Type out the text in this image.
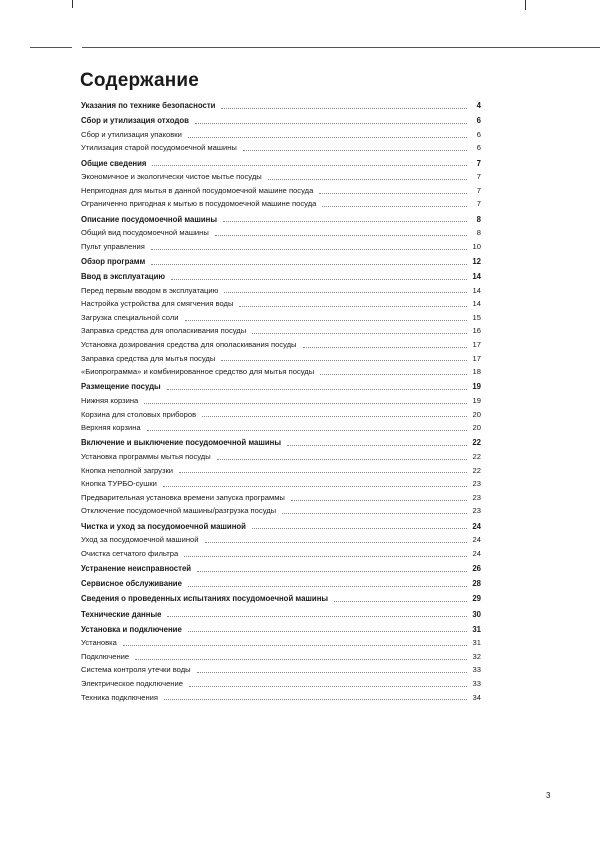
Содержание
Указания по технике безопасности	4
Сбор и утилизация отходов	6
Сбор и утилизация упаковки	6
Утилизация старой посудомоечной машины	6
Общие сведения	7
Экономичное и экологически чистое мытье посуды	7
Непригодная для мытья в данной посудомоечной машине посуда	7
Ограниченно пригодная к мытью в посудомоечной машине посуда	7
Описание посудомоечной машины	8
Общий вид посудомоечной машины	8
Пульт управления	10
Обзор программ	12
Ввод в эксплуатацию	14
Перед первым вводом в эксплуатацию	14
Настройка устройства для смягчения воды	14
Загрузка специальной соли	15
Заправка средства для ополаскивания посуды	16
Установка дозирования средства для ополаскивания посуды	17
Заправка средства для мытья посуды	17
«Биопрограмма» и комбинированное средство для мытья посуды	18
Размещение посуды	19
Нижняя корзина	19
Корзина для столовых приборов	20
Верхняя корзина	20
Включение и выключение посудомоечной машины	22
Установка программы мытья посуды	22
Кнопка неполной загрузки	22
Кнопка ТУРБО-сушки	23
Предварительная установка времени запуска программы	23
Отключение посудомоечной машины/разгрузка посуды	23
Чистка и уход за посудомоечной машиной	24
Уход за посудомоечной машиной	24
Очистка сетчатого фильтра	24
Устранение неисправностей	26
Сервисное обслуживание	28
Сведения о проведенных испытаниях посудомоечной машины	29
Технические данные	30
Установка и подключение	31
Установка	31
Подключение	32
Система контроля утечки воды	33
Электрическое подключение	33
Техника подключения	34
3
